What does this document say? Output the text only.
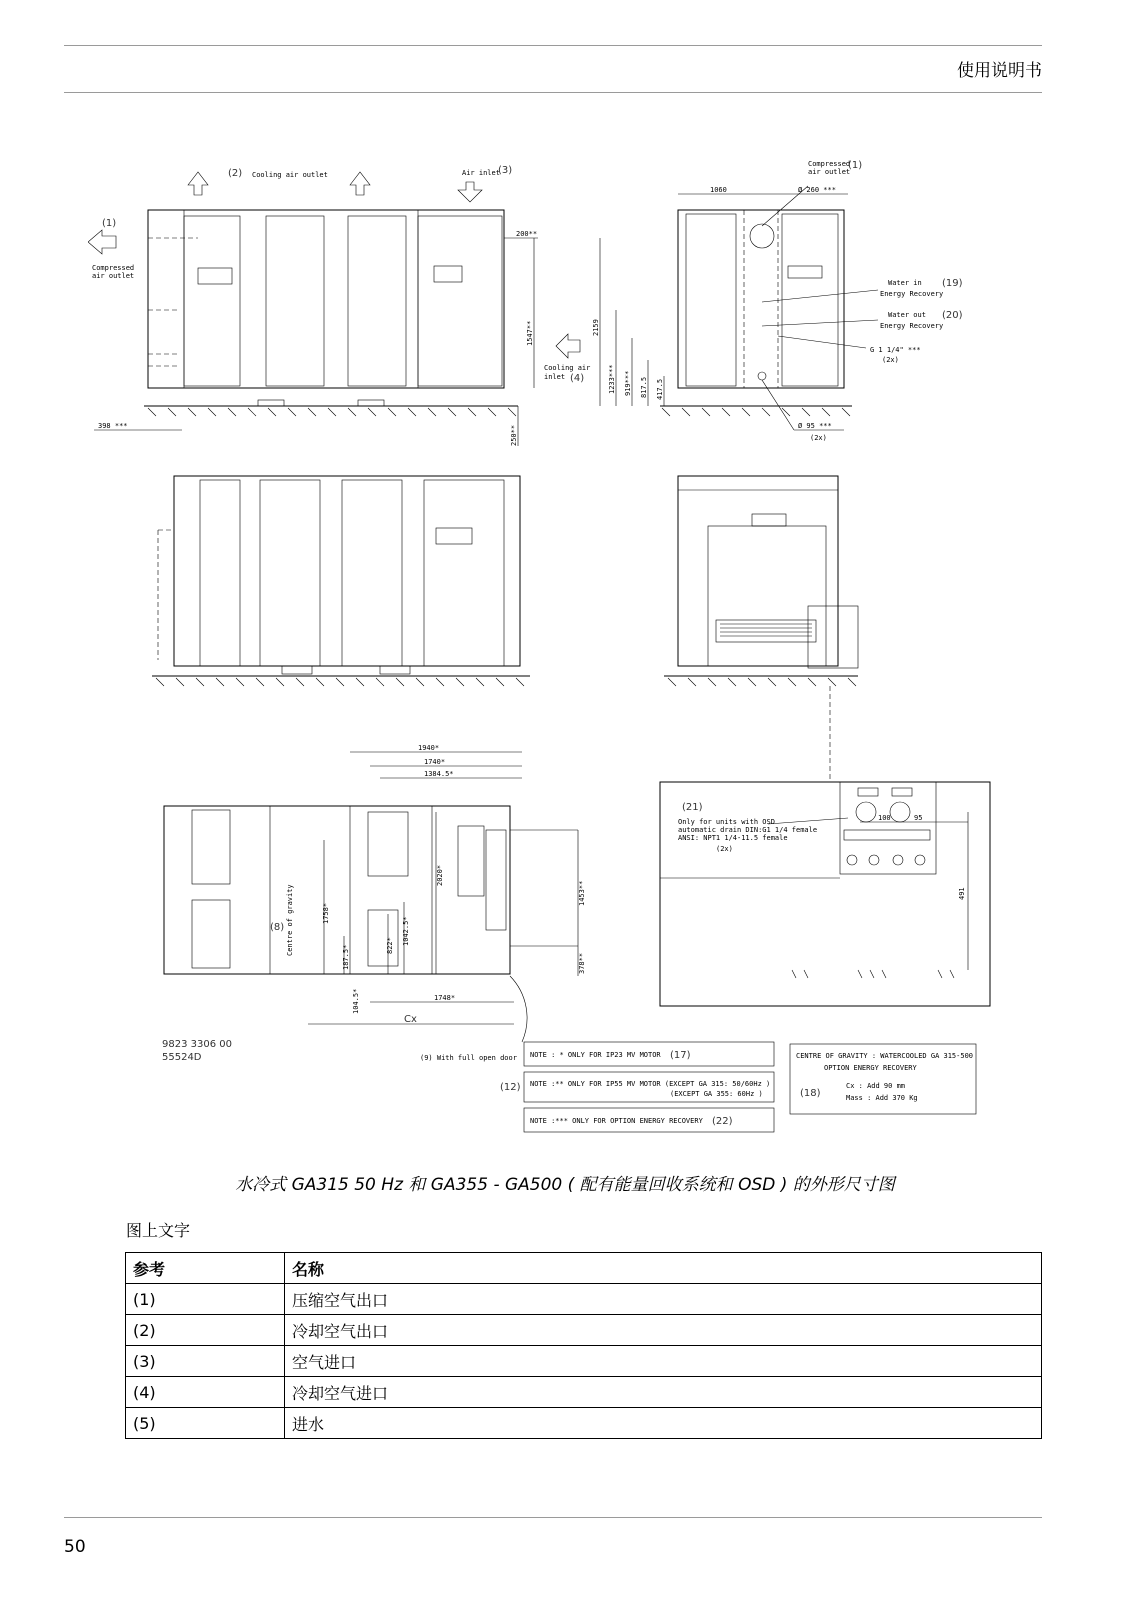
使用说明书
(2) Cooling air outlet	Air inlet
(3)
(1)
Compressed
air outlet
200**
1547**
Cooling air
inlet (4)
250**
398 ***
Compressed
air outlet
(1)
1060	Ø 260 ***
2159
1233*** 919*** 817.5 417.5
Water in
Energy Recovery
(19)
Water out
Energy Recovery
(20)
G 1 1/4" ***
(2x)
Ø 95 ***
(2x)
1940*
1740*
1384.5*
1453**
378**
2020*
1758*
1042.5*
822*
187.5*
(8) Centre of gravity
104.5*	1748*
Cx
(9) With full open door
9823 3306 00
55524D
100	95
491
(21)
Only for units with OSD
automatic drain DIN:G1 1/4 female
ANSI: NPT1 1/4-11.5 female
(2x)
NOTE : * ONLY FOR IP23 MV MOTOR (17)
(12) NOTE :** ONLY FOR IP55 MV MOTOR (EXCEPT GA 315: 50/60Hz )
(EXCEPT GA 355: 60Hz )
NOTE :*** ONLY FOR OPTION ENERGY RECOVERY (22)
CENTRE OF GRAVITY : WATERCOOLED GA 315-500
OPTION ENERGY RECOVERY
Cx : Add 90 mm
Mass : Add 370 Kg
(18)
水冷式 GA315 50 Hz 和 GA355 - GA500 ( 配有能量回收系统和 OSD ) 的外形尺寸图
图上文字
参考	名称
(1)	压缩空气出口
(2)	冷却空气出口
(3)	空气进口
(4)	冷却空气进口
(5)	进水
50
